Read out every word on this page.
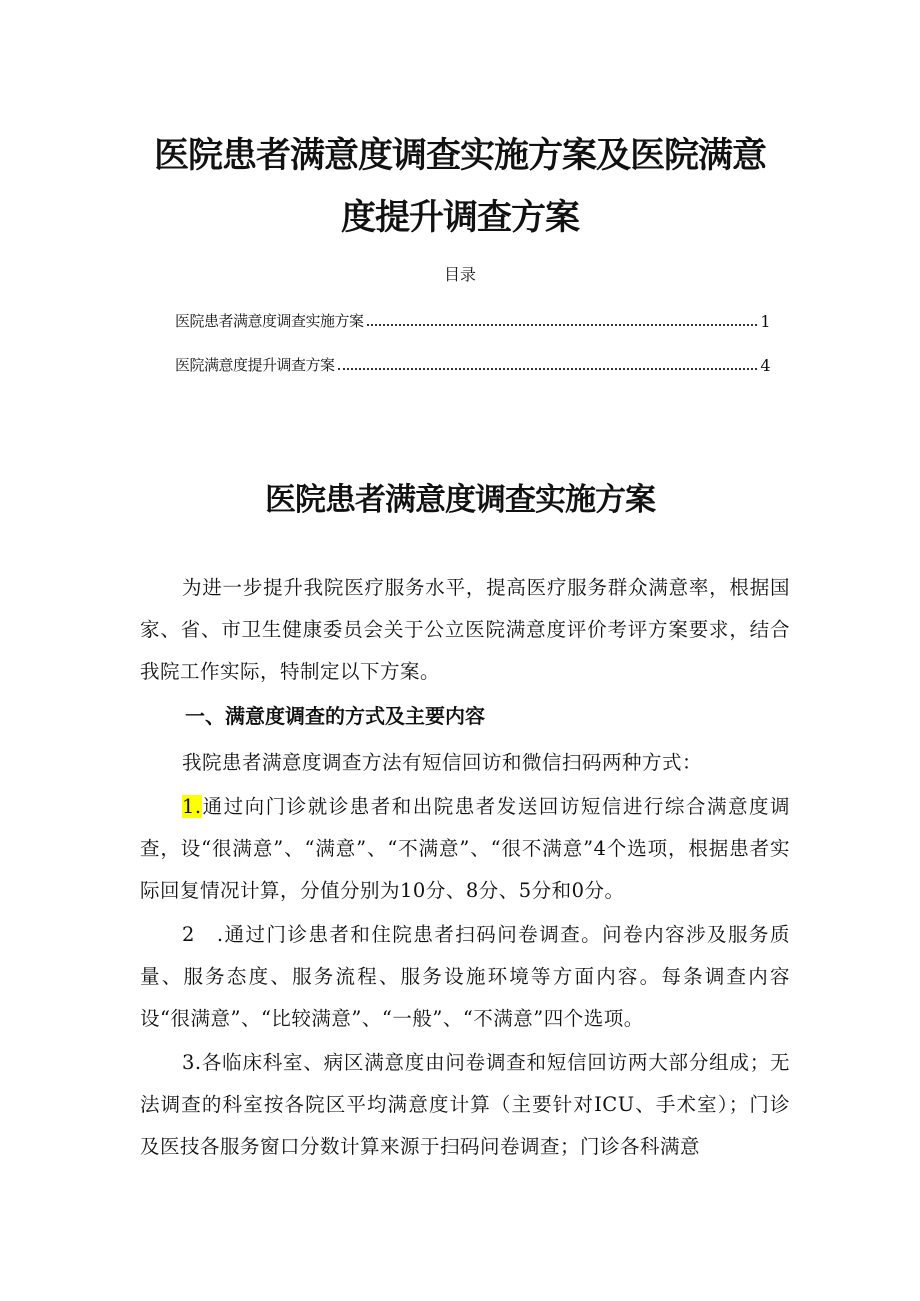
医院患者满意度调查实施方案及医院满意
度提升调查方案
目录
医院患者满意度调查实施方案	1
医院满意度提升调查方案	4
医院患者满意度调查实施方案

为进一步提升我院医疗服务水平，提高医疗服务群众满意率，根据国家、省、市卫生健康委员会关于公立医院满意度评价考评方案要求，结合我院工作实际，特制定以下方案。

一、满意度调查的方式及主要内容

我院患者满意度调查方法有短信回访和微信扫码两种方式：

1.通过向门诊就诊患者和出院患者发送回访短信进行综合满意度调查，设“很满意”、“满意”、“不满意”、“很不满意”4个选项，根据患者实际回复情况计算，分值分别为10分、8分、5分和0分。

2　.通过门诊患者和住院患者扫码问卷调查。问卷内容涉及服务质量、服务态度、服务流程、服务设施环境等方面内容。每条调查内容设“很满意”、“比较满意”、“一般”、“不满意”四个选项。

3.各临床科室、病区满意度由问卷调查和短信回访两大部分组成；无法调查的科室按各院区平均满意度计算（主要针对ICU、手术室）；门诊及医技各服务窗口分数计算来源于扫码问卷调查；门诊各科满意
